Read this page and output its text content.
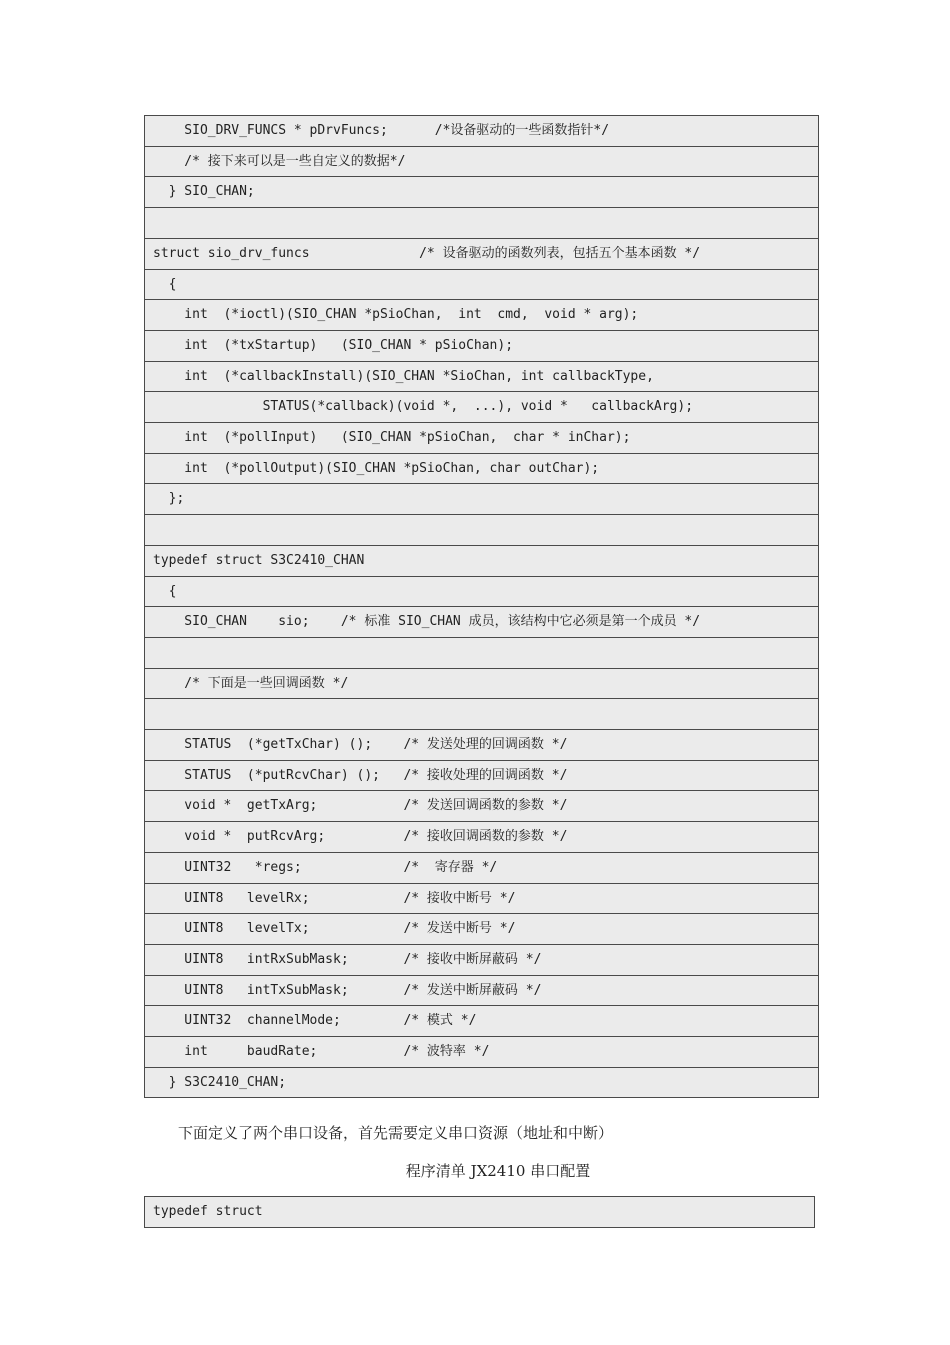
SIO_DRV_FUNCS * pDrvFuncs;      /*设备驱动的一些函数指针*/
/* 接下来可以是一些自定义的数据*/
} SIO_CHAN;

struct sio_drv_funcs              /* 设备驱动的函数列表，包括五个基本函数 */
{
int  (*ioctl)(SIO_CHAN *pSioChan,  int  cmd,  void * arg);
int  (*txStartup)   (SIO_CHAN * pSioChan);
int  (*callbackInstall)(SIO_CHAN *SioChan, int callbackType,
STATUS(*callback)(void *,  ...), void *   callbackArg);
int  (*pollInput)   (SIO_CHAN *pSioChan,  char * inChar);
int  (*pollOutput)(SIO_CHAN *pSioChan, char outChar);
};

typedef struct S3C2410_CHAN
{
SIO_CHAN    sio;    /* 标准 SIO_CHAN 成员，该结构中它必须是第一个成员 */

/* 下面是一些回调函数 */

STATUS  (*getTxChar) ();    /* 发送处理的回调函数 */
STATUS  (*putRcvChar) ();   /* 接收处理的回调函数 */
void *  getTxArg;           /* 发送回调函数的参数 */
void *  putRcvArg;          /* 接收回调函数的参数 */
UINT32   *regs;             /*  寄存器 */
UINT8   levelRx;            /* 接收中断号 */
UINT8   levelTx;            /* 发送中断号 */
UINT8   intRxSubMask;       /* 接收中断屏蔽码 */
UINT8   intTxSubMask;       /* 发送中断屏蔽码 */
UINT32  channelMode;        /* 模式 */
int     baudRate;           /* 波特率 */
} S3C2410_CHAN;
下面定义了两个串口设备，首先需要定义串口资源（地址和中断）
程序清单 JX2410 串口配置
typedef struct
